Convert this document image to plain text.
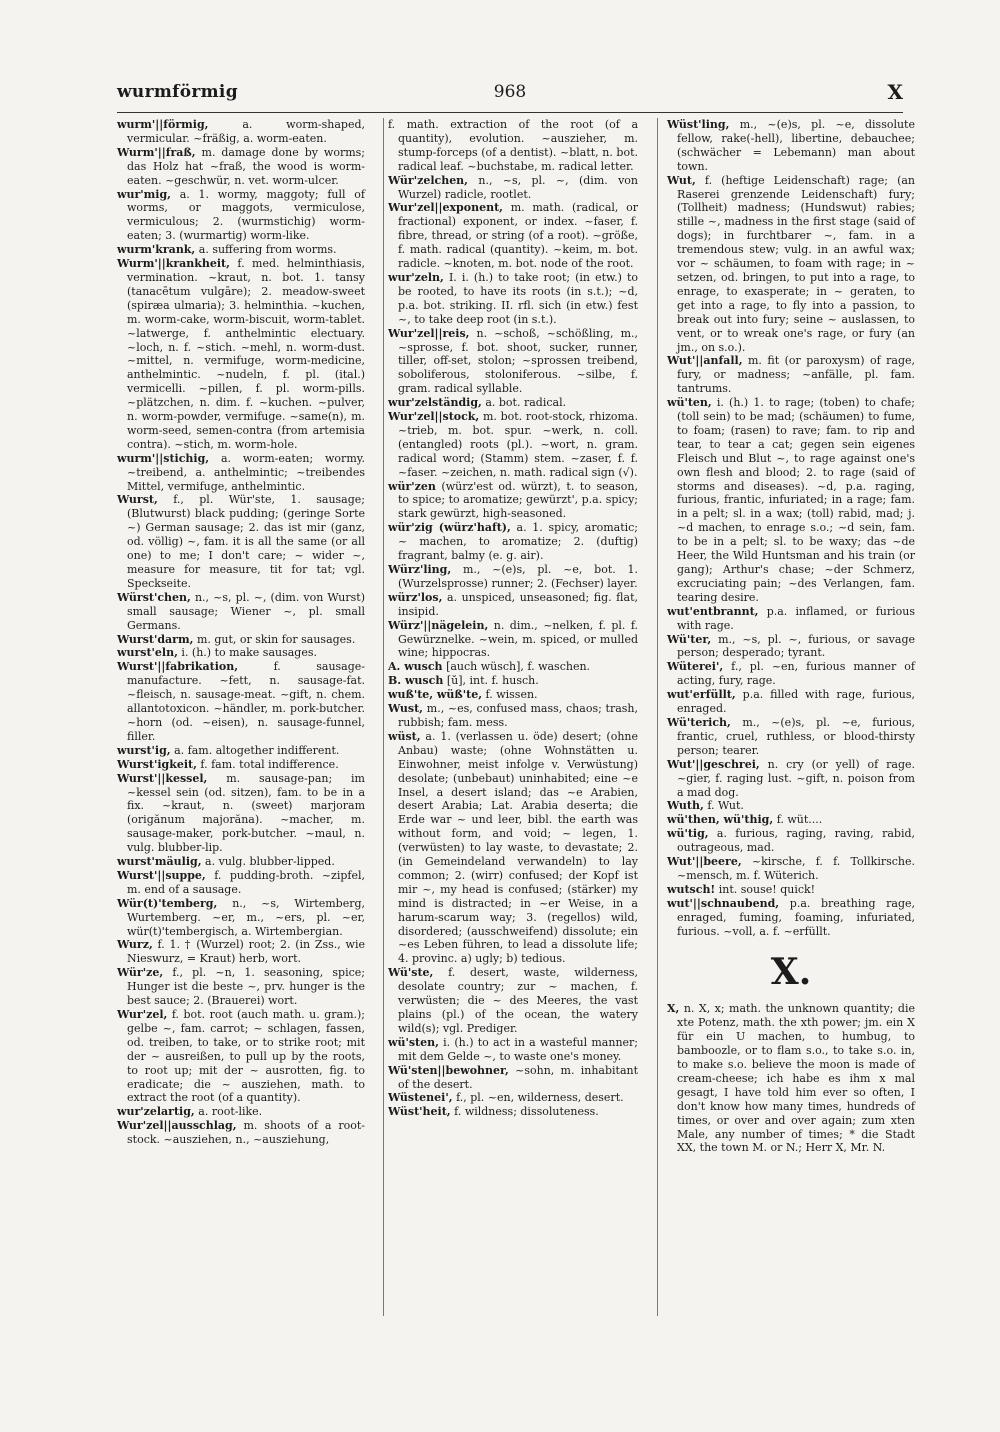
wurmförmig	968	X

wurm'||förmig,	a. worm-shaped, vermicular. ~fräßig, a. worm-eaten.

Wurm'||fraß, m. damage done by worms; das Holz hat ~fraß, the wood is worm-eaten. ~geschwür, n. vet. worm-ulcer.

wur'mig, a. 1. wormy, maggoty; full of worms, or maggots, vermiculose, vermiculous; 2. (wurmstichig) worm-eaten; 3. (wurmartig) worm-like.

wurm'krank, a. suffering from worms.

Wurm'||krankheit, f. med. helminthiasis, vermination. ~kraut, n. bot. 1. tansy (tanacētum vulgāre); 2. meadow-sweet (spiræa ulmaria); 3. helminthia. ~kuchen, m. worm-cake, worm-biscuit, worm-tablet. ~latwerge, f. anthelmintic electuary. ~loch, n. f. ~stich. ~mehl, n. worm-dust. ~mittel, n. vermifuge, worm-medicine, anthelmintic. ~nudeln, f. pl. (ital.) vermicelli. ~pillen, f. pl. worm-pills. ~plätzchen, n. dim. f. ~kuchen. ~pulver, n. worm-powder, vermifuge. ~same(n), m. worm-seed, semen-contra (from artemisia contra). ~stich, m. worm-hole.

wurm'||stichig, a. worm-eaten; wormy. ~treibend, a. anthelmintic; ~treibendes Mittel, vermifuge, anthelmintic.

Wurst, f., pl. Wür'ste, 1. sausage; (Blutwurst) black pudding; (geringe Sorte ~) German sausage; 2. das ist mir (ganz, od. völlig) ~, fam. it is all the same (or all one) to me; I don't care; ~ wider ~, measure for measure, tit for tat; vgl. Speckseite.

Würst'chen, n., ~s, pl. ~, (dim. von Wurst) small sausage; Wiener ~, pl. small Germans.

Wurst'darm, m. gut, or skin for sausages.

wurst'eln, i. (h.) to make sausages.

Wurst'||fabrikation,	f. sausage-manufacture. ~fett, n. sausage-fat. ~fleisch, n. sausage-meat. ~gift, n. chem. allantotoxicon. ~händler, m. pork-butcher. ~horn (od. ~eisen), n. sausage-funnel, filler.

wurst'ig, a. fam. altogether indifferent.

Wurst'igkeit, f. fam. total indifference.

Wurst'||kessel, m. sausage-pan; im ~kessel sein (od. sitzen), fam. to be in a fix. ~kraut, n. (sweet) marjoram (origănum majorăna). ~macher, m. sausage-maker, pork-butcher. ~maul, n. vulg. blubber-lip.

wurst'mäulig, a. vulg. blubber-lipped.

Wurst'||suppe, f. pudding-broth. ~zipfel, m. end of a sausage.

Wür(t)'temberg, n., ~s, Wirtemberg, Wurtemberg. ~er, m., ~ers, pl. ~er, wür(t)'tembergisch, a. Wirtembergian.

Wurz, f. 1. † (Wurzel) root; 2. (in Zss., wie Nieswurz, = Kraut) herb, wort.

Wür'ze, f., pl. ~n, 1. seasoning, spice; Hunger ist die beste ~, prv. hunger is the best sauce; 2. (Brauerei) wort.

Wur'zel, f. bot. root (auch math. u. gram.); gelbe ~, fam. carrot; ~ schlagen, fassen, od. treiben, to take, or to strike root; mit der ~ ausreißen, to pull up by the roots, to root up; mit der ~ ausrotten, fig. to eradicate; die ~ ausziehen, math. to extract the root (of a quantity).

wur'zelartig, a. root-like.

Wur'zel||ausschlag, m. shoots of a root-stock. ~ausziehen, n., ~ausziehung,

f. math. extraction of the root (of a quantity), evolution. ~auszieher, m. stump-forceps (of a dentist). ~blatt, n. bot. radical leaf. ~buchstabe, m. radical letter.

Wür'zelchen, n., ~s, pl. ~, (dim. von Wurzel) radicle, rootlet.

Wur'zel||exponent, m. math. (radical, or fractional) exponent, or index. ~faser, f. fibre, thread, or string (of a root). ~größe, f. math. radical (quantity). ~keim, m. bot. radicle. ~knoten, m. bot. node of the root.

wur'zeln, I. i. (h.) to take root; (in etw.) to be rooted, to have its roots (in s.t.); ~d, p.a. bot. striking. II. rfl. sich (in etw.) fest ~, to take deep root (in s.t.).

Wur'zel||reis, n. ~schoß, ~schößling, m., ~sprosse, f. bot. shoot, sucker, runner, tiller, off-set, stolon; ~sprossen treibend, soboliferous, stoloniferous. ~silbe, f. gram. radical syllable.

wur'zelständig, a. bot. radical.

Wur'zel||stock, m. bot. root-stock, rhizoma. ~trieb, m. bot. spur. ~werk, n. coll. (entangled) roots (pl.). ~wort, n. gram. radical word; (Stamm) stem. ~zaser, f. f. ~faser. ~zeichen, n. math. radical sign (√).

wür'zen (würz'est od. würzt), t. to season, to spice; to aromatize; gewürzt', p.a. spicy; stark gewürzt, high-seasoned.

wür'zig (würz'haft), a. 1. spicy, aromatic; ~ machen, to aromatize; 2. (duftig) fragrant, balmy (e. g. air).

Würz'ling, m., ~(e)s, pl. ~e, bot. 1. (Wurzelsprosse) runner; 2. (Fechser) layer.

würz'los, a. unspiced, unseasoned; fig. flat, insipid.

Würz'||nägelein, n. dim., ~nelken, f. pl. f. Gewürznelke. ~wein, m. spiced, or mulled wine; hippocras.

A. wusch [auch wüsch], f. waschen.

B. wusch [ŭ], int. f. husch.

wuß'te, wüß'te, f. wissen.

Wust, m., ~es, confused mass, chaos; trash, rubbish; fam. mess.

wüst, a. 1. (verlassen u. öde) desert; (ohne Anbau) waste; (ohne Wohnstätten u. Einwohner, meist infolge v. Verwüstung) desolate; (unbebaut) uninhabited; eine ~e Insel, a desert island; das ~e Arabien, desert Arabia; Lat. Arabia deserta; die Erde war ~ und leer, bibl. the earth was without form, and void; ~ legen, 1. (verwüsten) to lay waste, to devastate; 2. (in Gemeindeland verwandeln) to lay common; 2. (wirr) confused; der Kopf ist mir ~, my head is confused; (stärker) my mind is distracted; in ~er Weise, in a harum-scarum way; 3. (regellos) wild, disordered; (ausschweifend) dissolute; ein ~es Leben führen, to lead a dissolute life; 4. provinc. a) ugly; b) tedious.

Wü'ste, f. desert, waste, wilderness, desolate country; zur ~ machen, f. verwüsten; die ~ des Meeres, the vast plains (pl.) of the ocean, the watery wild(s); vgl. Prediger.

wü'sten, i. (h.) to act in a wasteful manner; mit dem Gelde ~, to waste one's money.

Wü'sten||bewohner, ~sohn, m. inhabitant of the desert.

Wüstenei', f., pl. ~en, wilderness, desert.

Wüst'heit, f. wildness; dissoluteness.

Wüst'ling, m., ~(e)s, pl. ~e, dissolute fellow, rake(-hell), libertine, debauchee; (schwächer = Lebemann) man about town.

Wut, f. (heftige Leidenschaft) rage; (an Raserei grenzende Leidenschaft) fury; (Tollheit) madness; (Hundswut) rabies; stille ~, madness in the first stage (said of dogs); in furchtbarer ~, fam. in a tremendous stew; vulg. in an awful wax; vor ~ schäumen, to foam with rage; in ~ setzen, od. bringen, to put into a rage, to enrage, to exasperate; in ~ geraten, to get into a rage, to fly into a passion, to break out into fury; seine ~ auslassen, to vent, or to wreak one's rage, or fury (an jm., on s.o.).

Wut'||anfall, m. fit (or paroxysm) of rage, fury, or madness; ~anfälle, pl. fam. tantrums.

wü'ten, i. (h.) 1. to rage; (toben) to chafe; (toll sein) to be mad; (schäumen) to fume, to foam; (rasen) to rave; fam. to rip and tear, to tear a cat; gegen sein eigenes Fleisch und Blut ~, to rage against one's own flesh and blood; 2. to rage (said of storms and diseases). ~d, p.a. raging, furious, frantic, infuriated; in a rage; fam. in a pelt; sl. in a wax; (toll) rabid, mad; j. ~d machen, to enrage s.o.; ~d sein, fam. to be in a pelt; sl. to be waxy; das ~de Heer, the Wild Huntsman and his train (or gang); Arthur's chase; ~der Schmerz, excruciating pain; ~des Verlangen, fam. tearing desire.

wut'entbrannt, p.a. inflamed, or furious with rage.

Wü'ter, m., ~s, pl. ~, furious, or savage person; desperado; tyrant.

Wüterei', f., pl. ~en, furious manner of acting, fury, rage.

wut'erfüllt, p.a. filled with rage, furious, enraged.

Wü'terich, m., ~(e)s, pl. ~e, furious, frantic, cruel, ruthless, or blood-thirsty person; tearer.

Wut'||geschrei, n. cry (or yell) of rage. ~gier, f. raging lust. ~gift, n. poison from a mad dog.

Wuth, f. Wut.

wü'then, wü'thig, f. wüt....

wü'tig, a. furious, raging, raving, rabid, outrageous, mad.

Wut'||beere, ~kirsche, f. f. Tollkirsche. ~mensch, m. f. Wüterich.

wutsch! int. souse! quick!

wut'||schnaubend, p.a. breathing rage, enraged, fuming, foaming, infuriated, furious. ~voll, a. f. ~erfüllt.

X.

X, n. X, x; math. the unknown quantity; die xte Potenz, math. the xth power; jm. ein X für ein U machen, to humbug, to bamboozle, or to flam s.o., to take s.o. in, to make s.o. believe the moon is made of cream-cheese; ich habe es ihm x mal gesagt, I have told him ever so often, I don't know how many times, hundreds of times, or over and over again; zum xten Male, any number of times; * die Stadt XX, the town M. or N.; Herr X, Mr. N.
